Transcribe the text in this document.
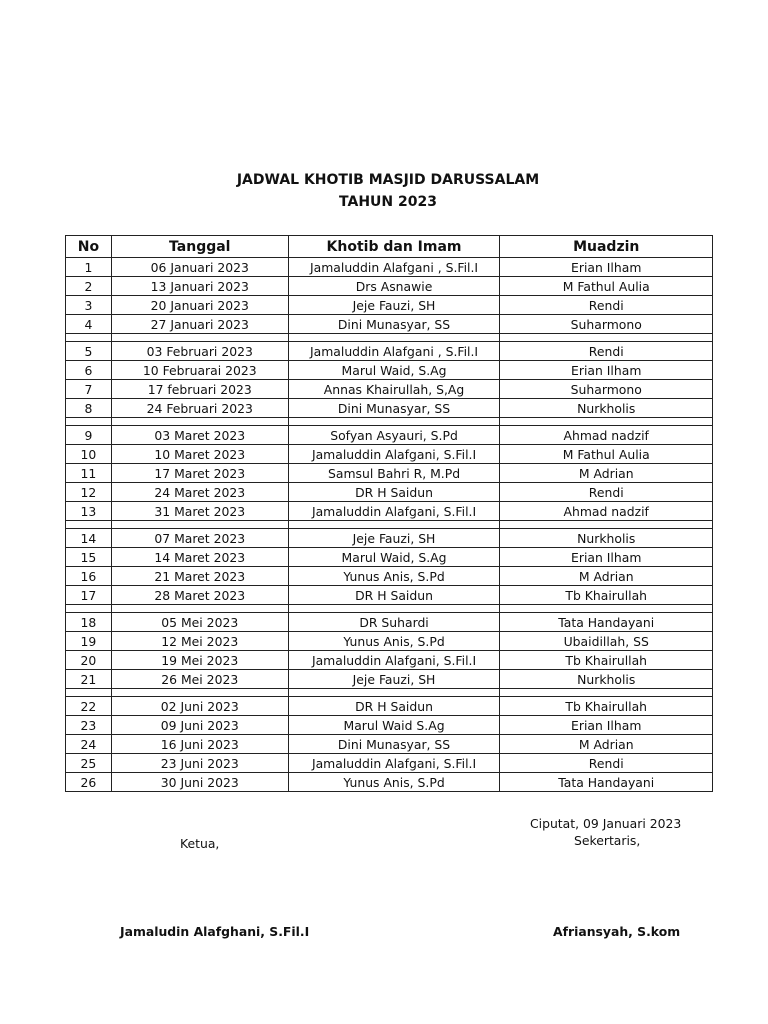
JADWAL KHOTIB MASJID DARUSSALAM
TAHUN 2023
No	Tanggal	Khotib dan Imam	Muadzin
1	06 Januari 2023	Jamaluddin Alafgani , S.Fil.I	Erian Ilham
2	13 Januari 2023	Drs Asnawie	M Fathul Aulia
3	20 Januari 2023	Jeje Fauzi, SH	Rendi
4	27 Januari 2023	Dini Munasyar, SS	Suharmono

5	03 Februari 2023	Jamaluddin Alafgani , S.Fil.I	Rendi
6	10 Februarai 2023	Marul Waid, S.Ag	Erian Ilham
7	17 februari 2023	Annas Khairullah, S,Ag	Suharmono
8	24 Februari 2023	Dini Munasyar, SS	Nurkholis

9	03 Maret 2023	Sofyan Asyauri, S.Pd	Ahmad nadzif
10	10 Maret 2023	Jamaluddin Alafgani, S.Fil.I	M Fathul Aulia
11	17 Maret 2023	Samsul Bahri R, M.Pd	M Adrian
12	24 Maret 2023	DR H Saidun	Rendi
13	31 Maret 2023	Jamaluddin Alafgani, S.Fil.I	Ahmad nadzif

14	07 Maret 2023	Jeje Fauzi, SH	Nurkholis
15	14 Maret 2023	Marul Waid, S.Ag	Erian Ilham
16	21 Maret 2023	Yunus Anis, S.Pd	M Adrian
17	28 Maret 2023	DR H Saidun	Tb Khairullah

18	05 Mei 2023	DR Suhardi	Tata Handayani
19	12 Mei 2023	Yunus Anis, S.Pd	Ubaidillah, SS
20	19 Mei 2023	Jamaluddin Alafgani, S.Fil.I	Tb Khairullah
21	26 Mei 2023	Jeje Fauzi, SH	Nurkholis

22	02 Juni 2023	DR H Saidun	Tb Khairullah
23	09 Juni 2023	Marul Waid S.Ag	Erian Ilham
24	16 Juni 2023	Dini Munasyar, SS	M Adrian
25	23 Juni 2023	Jamaluddin Alafgani, S.Fil.I	Rendi
26	30 Juni 2023	Yunus Anis, S.Pd	Tata Handayani
Ciputat, 09 Januari 2023
Sekertaris,
Ketua,
Jamaludin Alafghani, S.Fil.I	Afriansyah, S.kom
